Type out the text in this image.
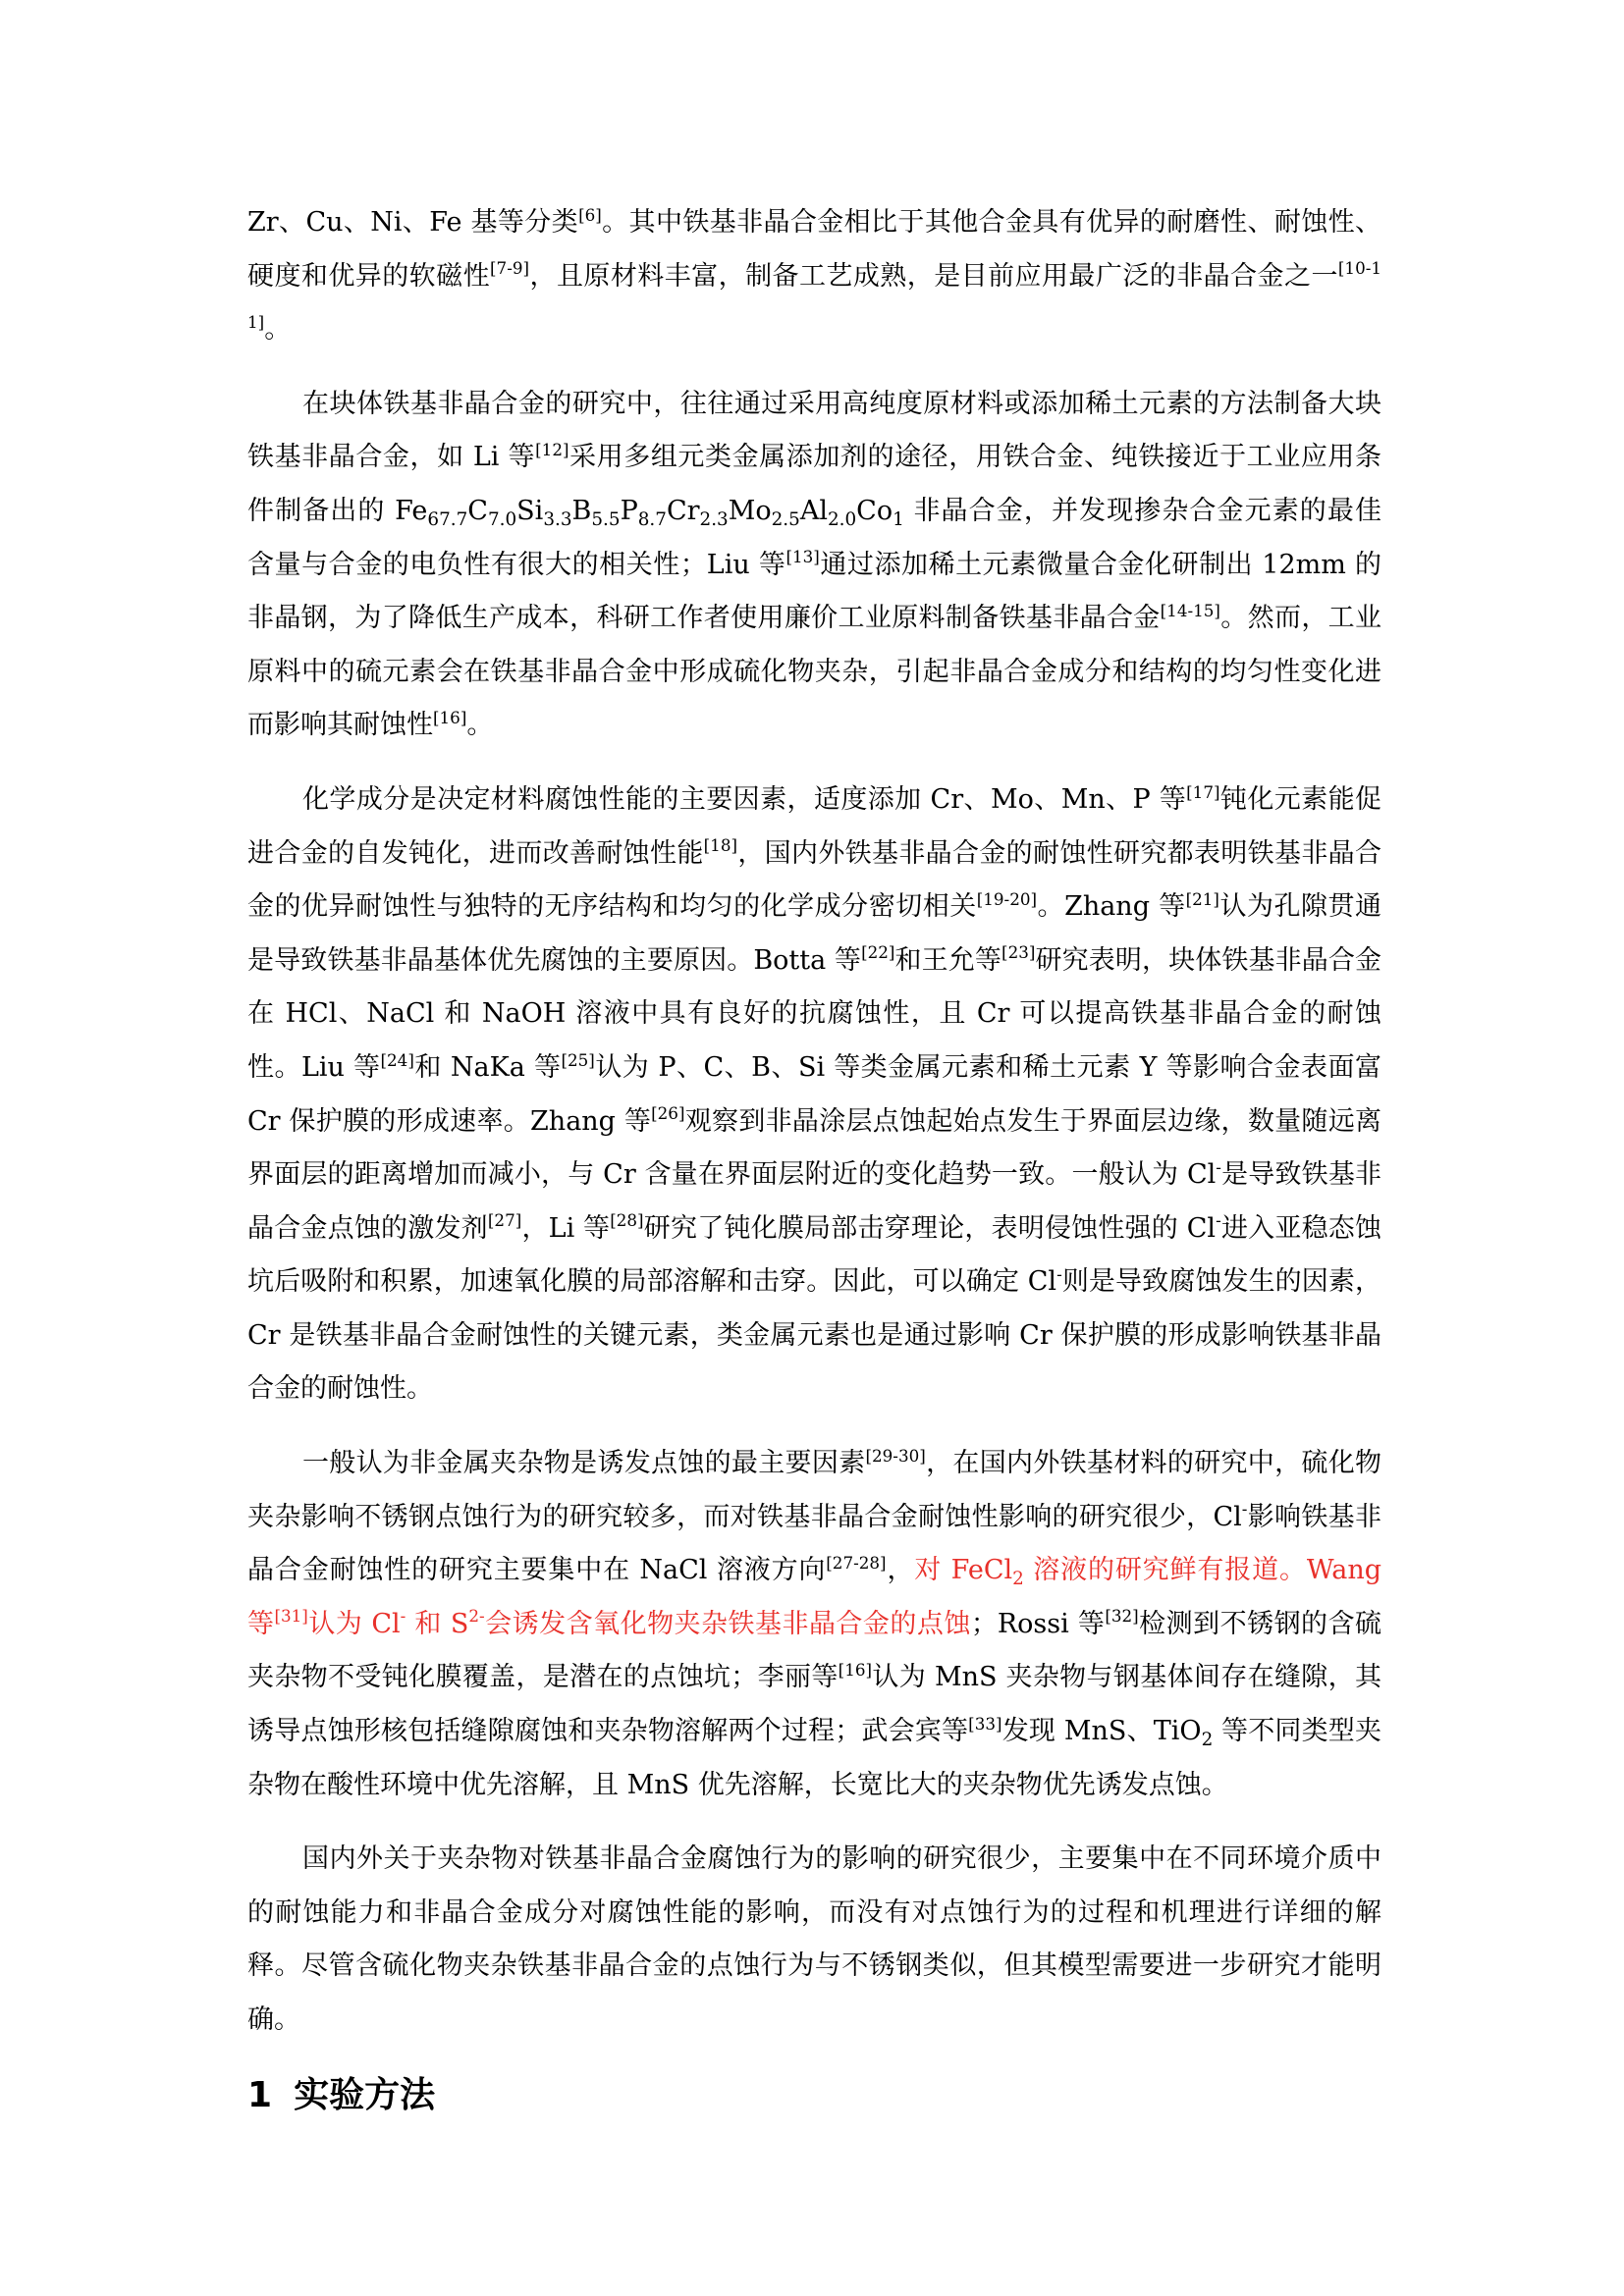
Zr、Cu、Ni、Fe 基等分类[6]。其中铁基非晶合金相比于其他合金具有优异的耐磨性、耐蚀性、硬度和优异的软磁性[7-9]，且原材料丰富，制备工艺成熟，是目前应用最广泛的非晶合金之一[10-11]。

在块体铁基非晶合金的研究中，往往通过采用高纯度原材料或添加稀土元素的方法制备大块铁基非晶合金，如 Li 等[12]采用多组元类金属添加剂的途径，用铁合金、纯铁接近于工业应用条件制备出的 $Fe_{67.7}C_{7.0}Si_{3.3}B_{5.5}P_{8.7}Cr_{2.3}Mo_{2.5}Al_{2.0}Co_1$ 非晶合金，并发现掺杂合金元素的最佳含量与合金的电负性有很大的相关性；Liu 等[13]通过添加稀土元素微量合金化研制出 12mm 的非晶钢，为了降低生产成本，科研工作者使用廉价工业原料制备铁基非晶合金[14-15]。然而，工业原料中的硫元素会在铁基非晶合金中形成硫化物夹杂，引起非晶合金成分和结构的均匀性变化进而影响其耐蚀性[16]。

化学成分是决定材料腐蚀性能的主要因素，适度添加 Cr、Mo、Mn、P 等[17]钝化元素能促进合金的自发钝化，进而改善耐蚀性能[18]，国内外铁基非晶合金的耐蚀性研究都表明铁基非晶合金的优异耐蚀性与独特的无序结构和均匀的化学成分密切相关[19-20]。Zhang 等[21]认为孔隙贯通是导致铁基非晶基体优先腐蚀的主要原因。Botta 等[22]和王允等[23]研究表明，块体铁基非晶合金在 HCl、NaCl 和 NaOH 溶液中具有良好的抗腐蚀性，且 Cr 可以提高铁基非晶合金的耐蚀性。Liu 等[24]和 NaKa 等[25]认为 P、C、B、Si 等类金属元素和稀土元素 Y 等影响合金表面富 Cr 保护膜的形成速率。Zhang 等[26]观察到非晶涂层点蚀起始点发生于界面层边缘，数量随远离界面层的距离增加而减小，与 Cr 含量在界面层附近的变化趋势一致。一般认为 Cl-是导致铁基非晶合金点蚀的激发剂[27]，Li 等[28]研究了钝化膜局部击穿理论，表明侵蚀性强的 Cl-进入亚稳态蚀坑后吸附和积累，加速氧化膜的局部溶解和击穿。因此，可以确定 Cl-则是导致腐蚀发生的因素，Cr 是铁基非晶合金耐蚀性的关键元素，类金属元素也是通过影响 Cr 保护膜的形成影响铁基非晶合金的耐蚀性。

一般认为非金属夹杂物是诱发点蚀的最主要因素[29-30]，在国内外铁基材料的研究中，硫化物夹杂影响不锈钢点蚀行为的研究较多，而对铁基非晶合金耐蚀性影响的研究很少，Cl-影响铁基非晶合金耐蚀性的研究主要集中在 NaCl 溶液方向[27-28]，对 FeCl$_2$ 溶液的研究鲜有报道。Wang 等[31]认为 Cl- 和 $S^{2-}$会诱发含氧化物夹杂铁基非晶合金的点蚀；Rossi 等[32]检测到不锈钢的含硫夹杂物不受钝化膜覆盖，是潜在的点蚀坑；李丽等[16]认为 MnS 夹杂物与钢基体间存在缝隙，其诱导点蚀形核包括缝隙腐蚀和夹杂物溶解两个过程；武会宾等[33]发现 MnS、TiO$_2$ 等不同类型夹杂物在酸性环境中优先溶解，且 MnS 优先溶解，长宽比大的夹杂物优先诱发点蚀。

国内外关于夹杂物对铁基非晶合金腐蚀行为的影响的研究很少，主要集中在不同环境介质中的耐蚀能力和非晶合金成分对腐蚀性能的影响，而没有对点蚀行为的过程和机理进行详细的解释。尽管含硫化物夹杂铁基非晶合金的点蚀行为与不锈钢类似，但其模型需要进一步研究才能明确。

1 实验方法
